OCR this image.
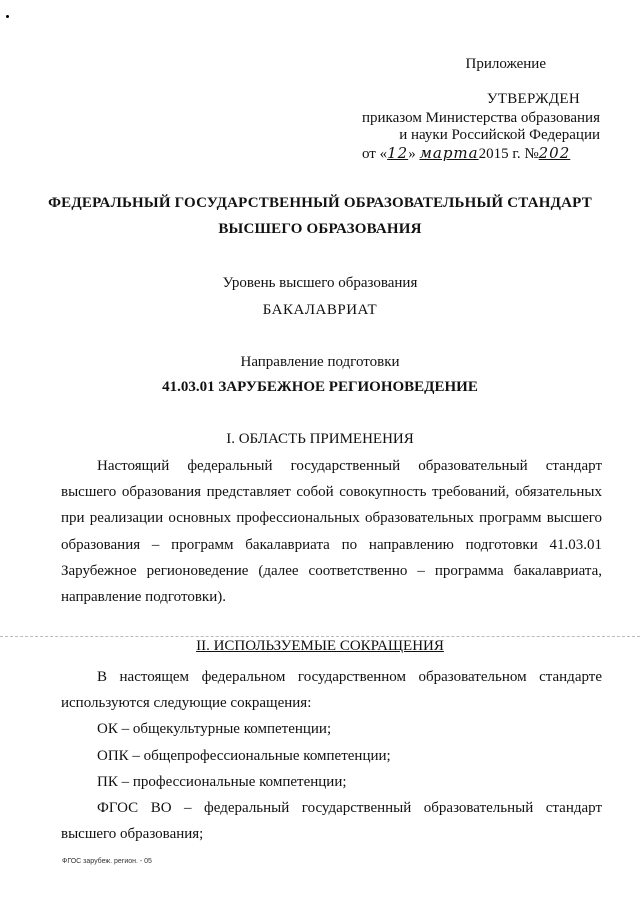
Приложение
УТВЕРЖДЕН
приказом Министерства образования
и науки Российской Федерации
от «12» марта2015 г. №202
ФЕДЕРАЛЬНЫЙ ГОСУДАРСТВЕННЫЙ ОБРАЗОВАТЕЛЬНЫЙ СТАНДАРТ
ВЫСШЕГО ОБРАЗОВАНИЯ
Уровень высшего образования
БАКАЛАВРИАТ
Направление подготовки
41.03.01 ЗАРУБЕЖНОЕ РЕГИОНОВЕДЕНИЕ
I. ОБЛАСТЬ ПРИМЕНЕНИЯ
Настоящий федеральный государственный образовательный стандарт высшего образования представляет собой совокупность требований, обязательных при реализации основных профессиональных образовательных программ высшего образования – программ бакалавриата по направлению подготовки 41.03.01 Зарубежное регионоведение (далее соответственно – программа бакалавриата, направление подготовки).
II. ИСПОЛЬЗУЕМЫЕ СОКРАЩЕНИЯ
В настоящем федеральном государственном образовательном стандарте используются следующие сокращения:
ОК – общекультурные компетенции;
ОПК – общепрофессиональные компетенции;
ПК – профессиональные компетенции;
ФГОС ВО – федеральный государственный образовательный стандарт высшего образования;
ФГОС зарубеж. регион. - 05
